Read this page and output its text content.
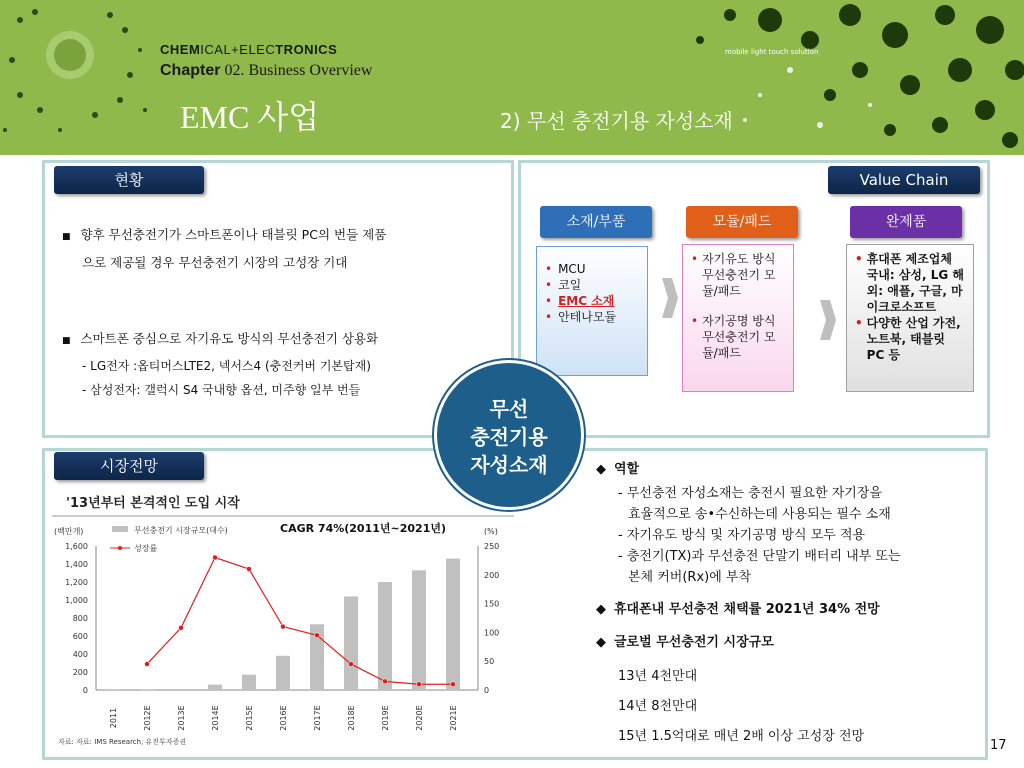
CHEMICAL+ELECTRONICS
Chapter 02. Business Overview
mobile light touch solution
EMC 사업	2) 무선 충전기용 자성소재
현황
■ 향후 무선충전기가 스마트폰이나 태블릿 PC의 번들 제품
으로 제공될 경우 무선충전기 시장의 고성장 기대
■ 스마트폰 중심으로 자기유도 방식의 무선충전기 상용화
- LG전자 :옵티머스LTE2, 넥서스4 (충전커버 기본탑재)
- 삼성전자: 갤럭시 S4 국내향 옵션, 미주향 일부 번들
Value Chain
소재/부품
• MCU
• 코일
• EMC 소재
• 안테나모듈
모듈/패드
• 자기유도 방식 무선충전기 모듈/패드
• 자기공명 방식 무선충전기 모듈/패드
완제품
• 휴대폰 제조업체 국내: 삼성, LG 해외: 애플, 구글, 마이크로소프트
• 다양한 산업 가전, 노트북, 태블릿 PC 등
시장전망
'13년부터 본격적인 도입 시작
(백만개)	(%)
CAGR 74%(2011년~2021년)
무선충전기 시장규모(대수)
성장률
0
200
400
600
800
1,000
1,200
1,400
1,600
0
50
100
150
200
250
2011	2012E	2013E	2014E	2015E	2016E	2017E	2018E	2019E	2020E	2021E
자료: 자료: IMS Research, 유진투자증권
무선
충전기용
자성소재	◆ 역할
- 무선충전 자성소재는 충전시 필요한 자기장을
효율적으로 송•수신하는데 사용되는 필수 소재
- 자기유도 방식 및 자기공명 방식 모두 적용
- 충전기(TX)과 무선충전 단말기 배터리 내부 또는
본체 커버(Rx)에 부착
◆ 휴대폰내 무선충전 채택률 2021년 34% 전망
◆ 글로벌 무선충전기 시장규모
13년 4천만대
14년 8천만대
15년 1.5억대로 매년 2배 이상 고성장 전망
17
